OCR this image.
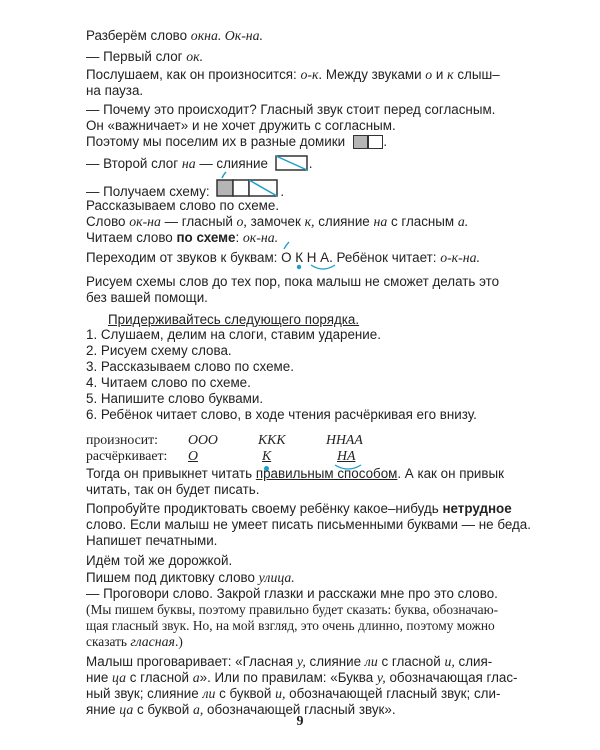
Разберём слово окна. Ок-на.
— Первый слог ок.
Послушаем, как он произносится: о-к. Между звуками о и к слыш–
на пауза.
— Почему это происходит? Гласный звук стоит перед согласным.
Он «важничает» и не хочет дружить с согласным.
Поэтому мы поселим их в разные домики	.
— Второй слог на — слияние	.
— Получаем схему:	.
Рассказываем слово по схеме.
Слово ок-на — гласный о, замочек к, слияние на с гласным а.
Читаем слово по схеме: ок-на.
Переходим от звуков к буквам: О К Н А
. Ребёнок читает: о-к-на.
Рисуем схемы слов до тех пор, пока малыш не сможет делать это
без вашей помощи.
Придерживайтесь следующего порядка.
1. Слушаем, делим на слоги, ставим ударение.
2. Рисуем схему слова.
3. Рассказываем слово по схеме.
4. Читаем слово по схеме.
5. Напишите слово буквами.
6. Ребёнок читает слово, в ходе чтения расчёркивая его внизу.
произносит: ООО	ККК	ННАА
расчёркивает: О	К	НА
Тогда он привыкнет читать правильным способом. А как он привык
читать, так он будет писать.
Попробуйте продиктовать своему ребёнку какое–нибудь нетрудное
слово. Если малыш не умеет писать письменными буквами — не беда.
Напишет печатными.
Идём той же дорожкой.
Пишем под диктовку слово улица.
— Проговори слово. Закрой глазки и расскажи мне про это слово.
(Мы пишем буквы, поэтому правильно будет сказать: буква, обозначаю-
щая гласный звук. Но, на мой взгляд, это очень длинно, поэтому можно
сказать гласная.)
Малыш проговаривает: «Гласная у, слияние ли с гласной и, слия-
ние ца с гласной а». Или по правилам: «Буква у, обозначающая глас-
ный звук; слияние ли с буквой и, обозначающей гласный звук; сли-
яние ца с буквой а, обозначающей гласный звук».
9
